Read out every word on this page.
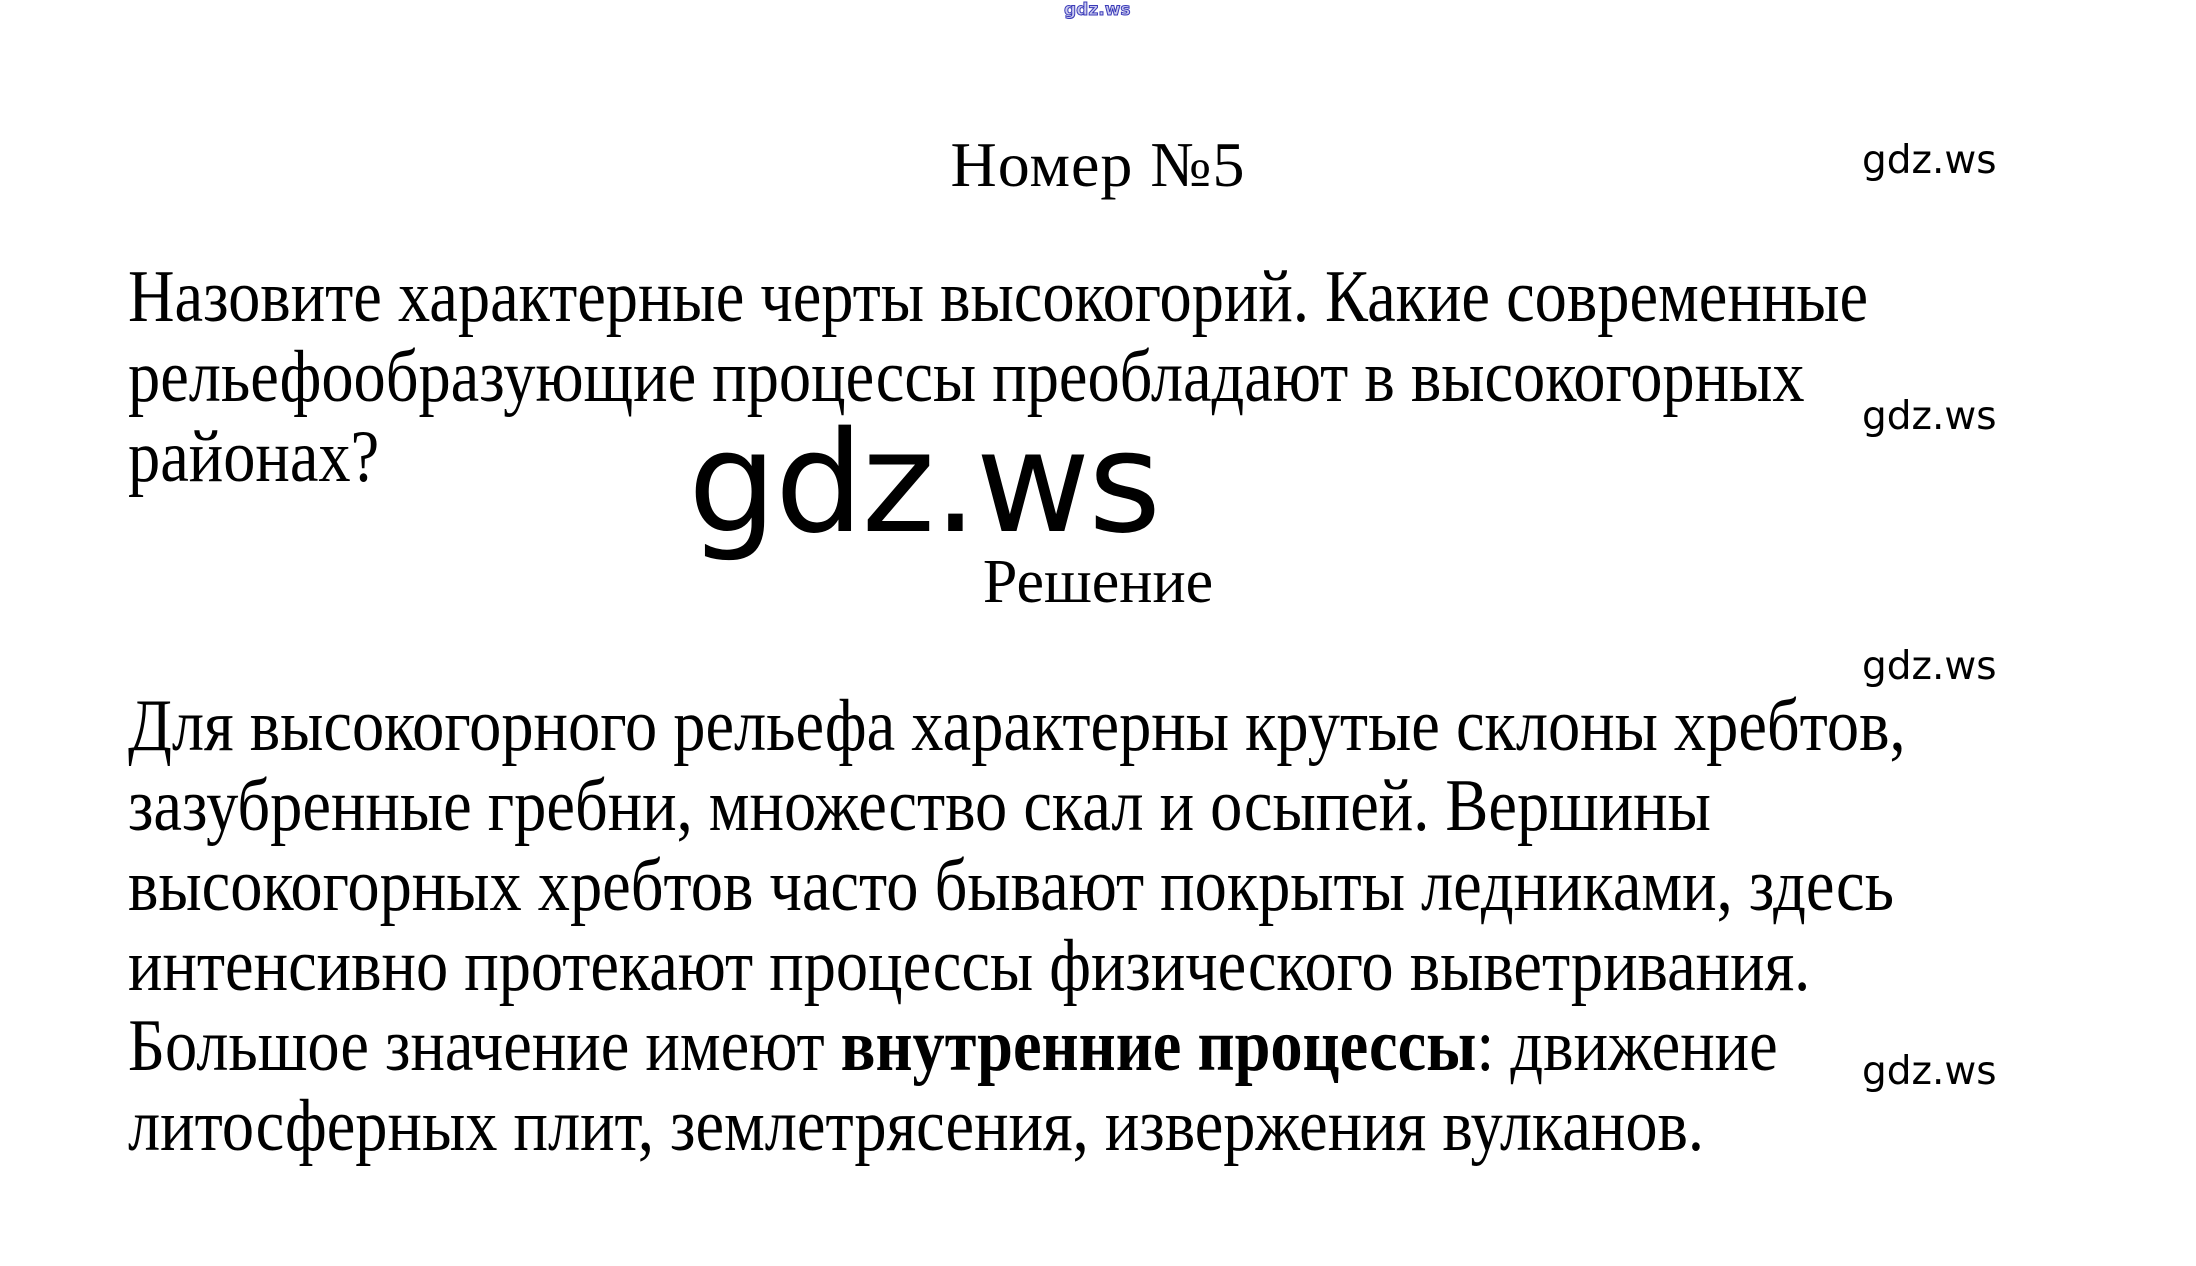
gdz.ws
Номер №5	gdz.ws
Назовите характерные черты высокогорий. Какие современные
рельефообразующие процессы преобладают в высокогорных
районах?	gdz.ws
gdz.ws
Решение
gdz.ws
Для высокогорного рельефа характерны крутые склоны хребтов,
зазубренные гребни, множество скал и осыпей. Вершины
высокогорных хребтов часто бывают покрыты ледниками, здесь
интенсивно протекают процессы физического выветривания.
Большое значение имеют внутренние процессы: движение
литосферных плит, землетрясения, извержения вулканов.
gdz.ws
